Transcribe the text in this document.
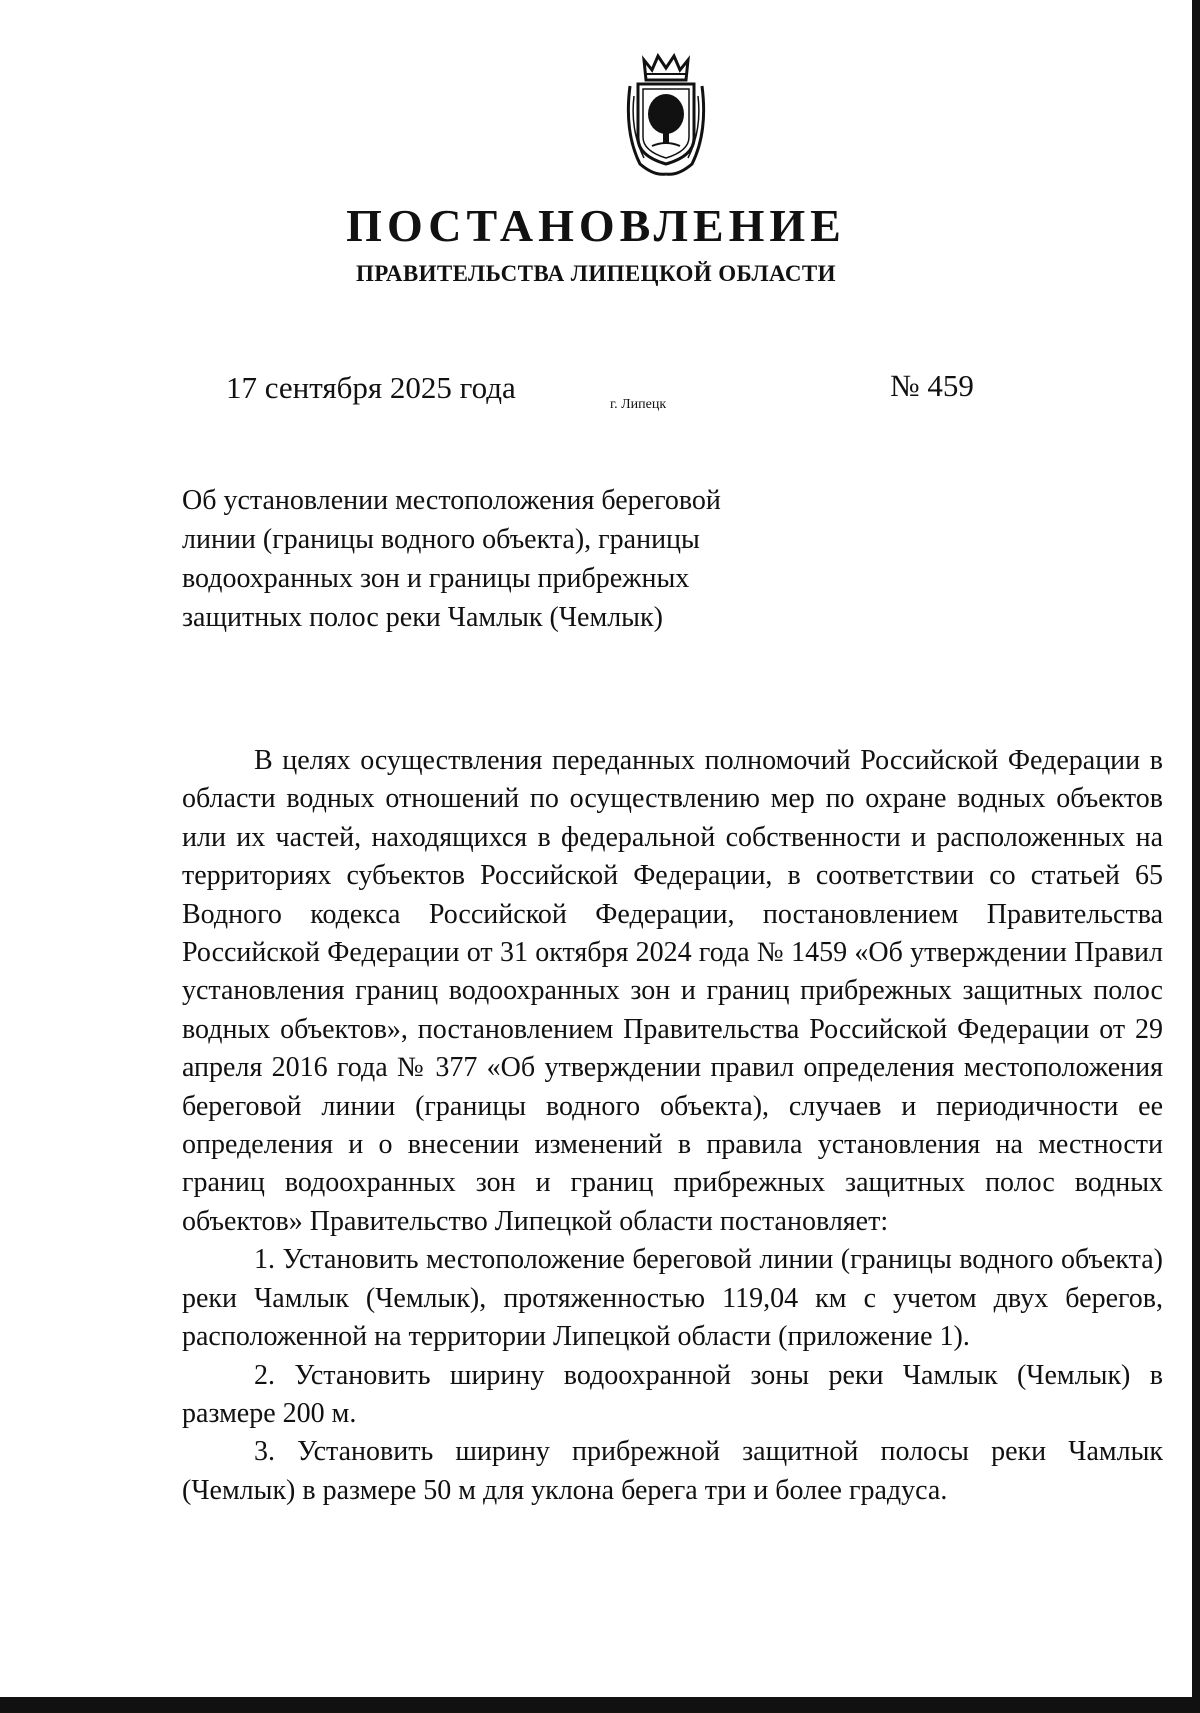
ПОСТАНОВЛЕНИЕ
ПРАВИТЕЛЬСТВА ЛИПЕЦКОЙ ОБЛАСТИ
17 сентября 2025 года	г. Липецк
№ 459
Об установлении местоположения береговой
линии (границы водного объекта), границы
водоохранных зон и границы прибрежных
защитных полос реки Чамлык (Чемлык)

В целях осуществления переданных полномочий Российской Федерации в области водных отношений по осуществлению мер по охране водных объектов или их частей, находящихся в федеральной собственности и расположенных на территориях субъектов Российской Федерации, в соответствии со статьей 65 Водного кодекса Российской Федерации, постановлением Правительства Российской Федерации от 31 октября 2024 года № 1459 «Об утверждении Правил установления границ водоохранных зон и границ прибрежных защитных полос водных объектов», постановлением Правительства Российской Федерации от 29 апреля 2016 года № 377 «Об утверждении правил определения местоположения береговой линии (границы водного объекта), случаев и периодичности ее определения и о внесении изменений в правила установления на местности границ водоохранных зон и границ прибрежных защитных полос водных объектов» Правительство Липецкой области постановляет:

1. Установить местоположение береговой линии (границы водного объекта) реки Чамлык (Чемлык), протяженностью 119,04 км с учетом двух берегов, расположенной на территории Липецкой области (приложение 1).

2. Установить ширину водоохранной зоны реки Чамлык (Чемлык) в размере 200 м.

3. Установить ширину прибрежной защитной полосы реки Чамлык (Чемлык) в размере 50 м для уклона берега три и более градуса.
